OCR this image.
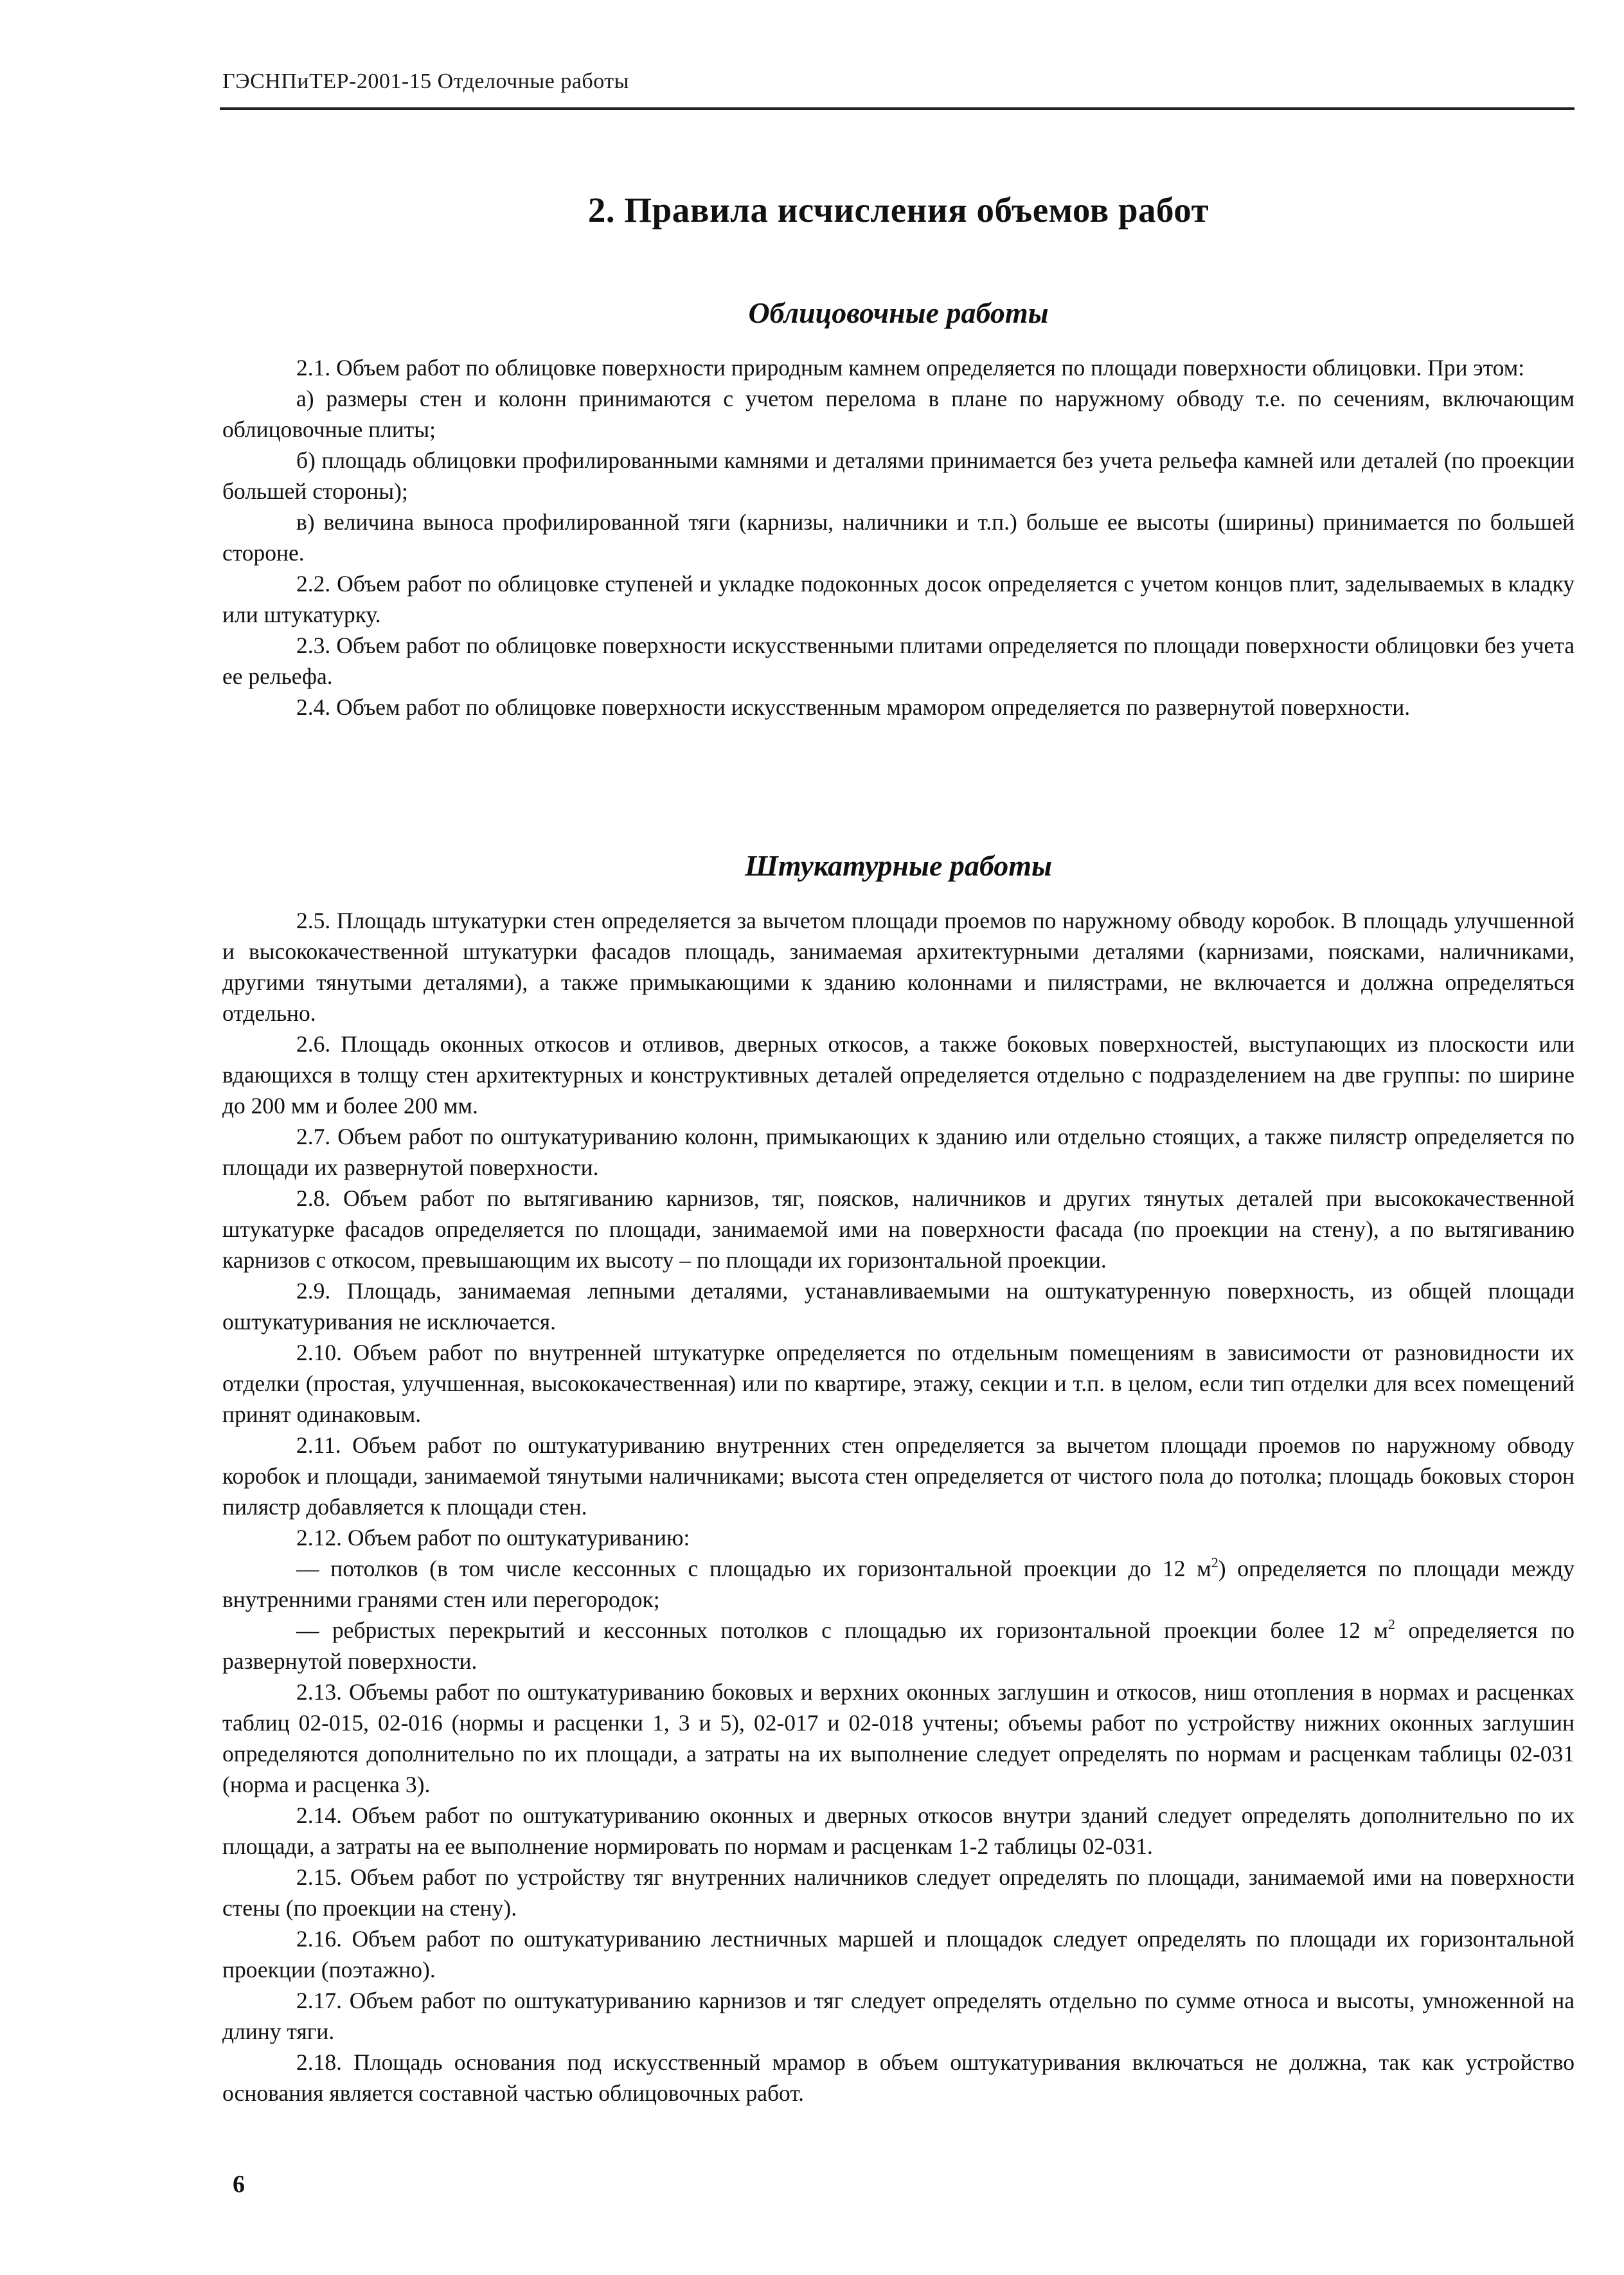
ГЭСНПиТЕР-2001-15 Отделочные работы
2. Правила исчисления объемов работ
Облицовочные работы

2.1. Объем работ по облицовке поверхности природным камнем определяется по площади поверхности облицовки. При этом:

а) размеры стен и колонн принимаются с учетом перелома в плане по наружному обводу т.е. по сечениям, включающим облицовочные плиты;

б) площадь облицовки профилированными камнями и деталями принимается без учета рельефа камней или деталей (по проекции большей стороны);

в) величина выноса профилированной тяги (карнизы, наличники и т.п.) больше ее высоты (ширины) принимается по большей стороне.

2.2. Объем работ по облицовке ступеней и укладке подоконных досок определяется с учетом концов плит, заделываемых в кладку или штукатурку.

2.3. Объем работ по облицовке поверхности искусственными плитами определяется по площади поверхности облицовки без учета ее рельефа.

2.4. Объем работ по облицовке поверхности искусственным мрамором определяется по развернутой поверхности.

Штукатурные работы

2.5. Площадь штукатурки стен определяется за вычетом площади проемов по наружному обводу коробок. В площадь улучшенной и высококачественной штукатурки фасадов площадь, занимаемая архитектурными деталями (карнизами, поясками, наличниками, другими тянутыми деталями), а также примыкающими к зданию колоннами и пилястрами, не включается и должна определяться отдельно.

2.6. Площадь оконных откосов и отливов, дверных откосов, а также боковых поверхностей, выступающих из плоскости или вдающихся в толщу стен архитектурных и конструктивных деталей определяется отдельно с подразделением на две группы: по ширине до 200 мм и более 200 мм.

2.7. Объем работ по оштукатуриванию колонн, примыкающих к зданию или отдельно стоящих, а также пилястр определяется по площади их развернутой поверхности.

2.8. Объем работ по вытягиванию карнизов, тяг, поясков, наличников и других тянутых деталей при высококачественной штукатурке фасадов определяется по площади, занимаемой ими на поверхности фасада (по проекции на стену), а по вытягиванию карнизов с откосом, превышающим их высоту – по площади их горизонтальной проекции.

2.9. Площадь, занимаемая лепными деталями, устанавливаемыми на оштукатуренную поверхность, из общей площади оштукатуривания не исключается.

2.10. Объем работ по внутренней штукатурке определяется по отдельным помещениям в зависимости от разновидности их отделки (простая, улучшенная, высококачественная) или по квартире, этажу, секции и т.п. в целом, если тип отделки для всех помещений принят одинаковым.

2.11. Объем работ по оштукатуриванию внутренних стен определяется за вычетом площади проемов по наружному обводу коробок и площади, занимаемой тянутыми наличниками; высота стен определяется от чистого пола до потолка; площадь боковых сторон пилястр добавляется к площади стен.

2.12. Объем работ по оштукатуриванию:

— потолков (в том числе кессонных с площадью их горизонтальной проекции до 12 $м^2$) определяется по площади между внутренними гранями стен или перегородок;

— ребристых перекрытий и кессонных потолков с площадью их горизонтальной проекции более 12 $м^2$ определяется по развернутой поверхности.

2.13. Объемы работ по оштукатуриванию боковых и верхних оконных заглушин и откосов, ниш отопления в нормах и расценках таблиц 02-015, 02-016 (нормы и расценки 1, 3 и 5), 02-017 и 02-018 учтены; объемы работ по устройству нижних оконных заглушин определяются дополнительно по их площади, а затраты на их выполнение следует определять по нормам и расценкам таблицы 02-031 (норма и расценка 3).

2.14. Объем работ по оштукатуриванию оконных и дверных откосов внутри зданий следует определять дополнительно по их площади, а затраты на ее выполнение нормировать по нормам и расценкам 1-2 таблицы 02-031.

2.15. Объем работ по устройству тяг внутренних наличников следует определять по площади, занимаемой ими на поверхности стены (по проекции на стену).

2.16. Объем работ по оштукатуриванию лестничных маршей и площадок следует определять по площади их горизонтальной проекции (поэтажно).

2.17. Объем работ по оштукатуриванию карнизов и тяг следует определять отдельно по сумме относа и высоты, умноженной на длину тяги.

2.18. Площадь основания под искусственный мрамор в объем оштукатуривания включаться не должна, так как устройство основания является составной частью облицовочных работ.

6
